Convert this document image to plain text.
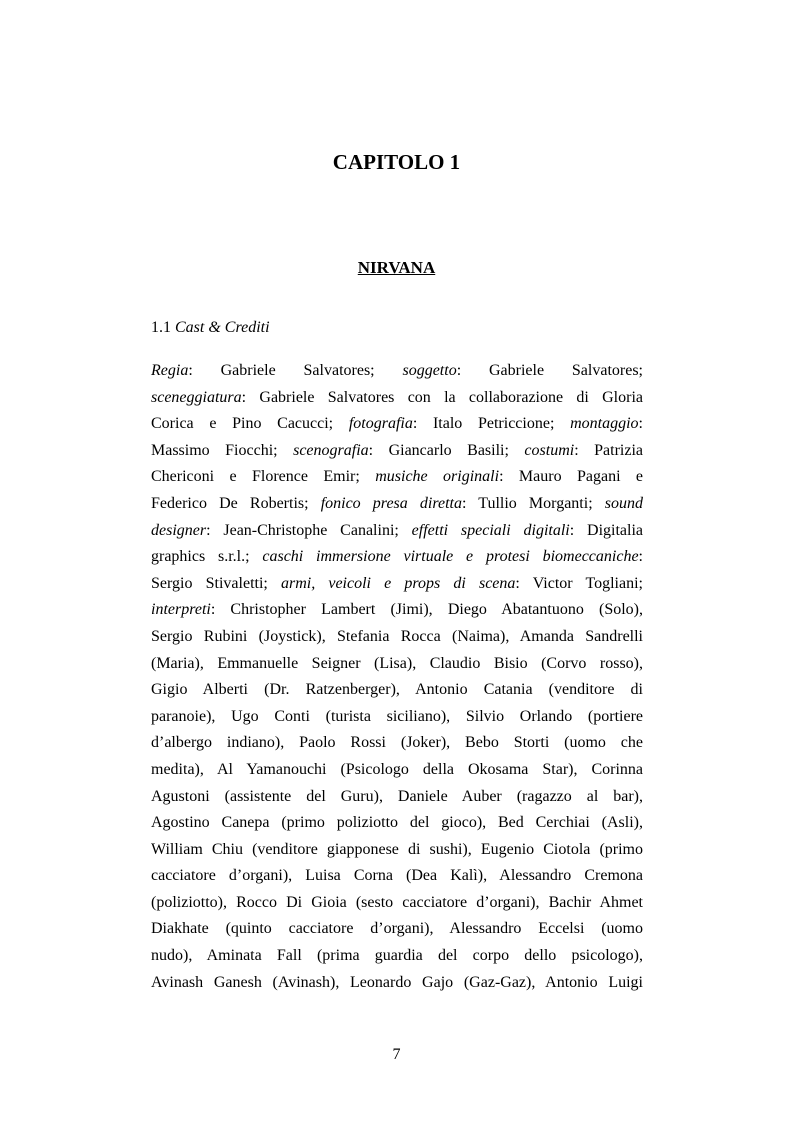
CAPITOLO 1
NIRVANA
1.1 Cast & Crediti
Regia: Gabriele Salvatores; soggetto: Gabriele Salvatores;
sceneggiatura: Gabriele Salvatores con la collaborazione di Gloria
Corica e Pino Cacucci; fotografia: Italo Petriccione; montaggio:
Massimo Fiocchi; scenografia: Giancarlo Basili; costumi: Patrizia
Chericoni e Florence Emir; musiche originali: Mauro Pagani e
Federico De Robertis; fonico presa diretta: Tullio Morganti; sound
designer: Jean-Christophe Canalini; effetti speciali digitali: Digitalia
graphics s.r.l.; caschi immersione virtuale e protesi biomeccaniche:
Sergio Stivaletti; armi, veicoli e props di scena: Victor Togliani;
interpreti: Christopher Lambert (Jimi), Diego Abatantuono (Solo),
Sergio Rubini (Joystick), Stefania Rocca (Naima), Amanda Sandrelli
(Maria), Emmanuelle Seigner (Lisa), Claudio Bisio (Corvo rosso),
Gigio Alberti (Dr. Ratzenberger), Antonio Catania (venditore di
paranoie), Ugo Conti (turista siciliano), Silvio Orlando (portiere
d’albergo indiano), Paolo Rossi (Joker), Bebo Storti (uomo che
medita), Al Yamanouchi (Psicologo della Okosama Star), Corinna
Agustoni (assistente del Guru), Daniele Auber (ragazzo al bar),
Agostino Canepa (primo poliziotto del gioco), Bed Cerchiai (Asli),
William Chiu (venditore giapponese di sushi), Eugenio Ciotola (primo
cacciatore d’organi), Luisa Corna (Dea Kalì), Alessandro Cremona
(poliziotto), Rocco Di Gioia (sesto cacciatore d’organi), Bachir Ahmet
Diakhate (quinto cacciatore d’organi), Alessandro Eccelsi (uomo
nudo), Aminata Fall (prima guardia del corpo dello psicologo),
Avinash Ganesh (Avinash), Leonardo Gajo (Gaz-Gaz), Antonio Luigi
7
